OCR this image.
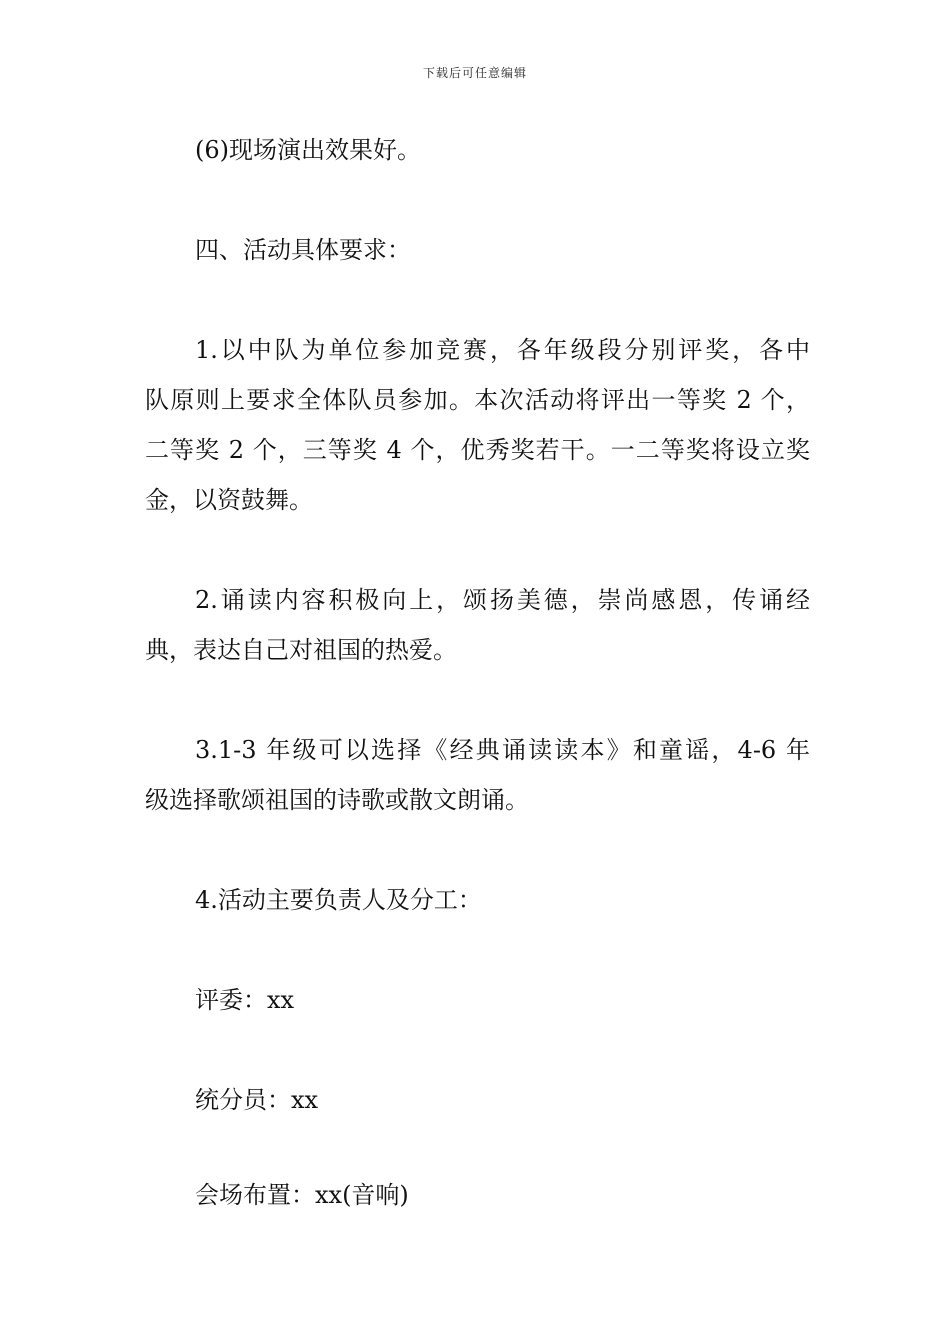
下载后可任意编辑
(6)现场演出效果好。
四、活动具体要求：
1.以中队为单位参加竞赛，各年级段分别评奖，各中
队原则上要求全体队员参加。本次活动将评出一等奖 2 个，
二等奖 2 个，三等奖 4 个，优秀奖若干。一二等奖将设立奖
金，以资鼓舞。
2.诵读内容积极向上，颂扬美德，崇尚感恩，传诵经
典，表达自己对祖国的热爱。
3.1-3 年级可以选择《经典诵读读本》和童谣，4-6 年
级选择歌颂祖国的诗歌或散文朗诵。
4.活动主要负责人及分工：
评委：xx
统分员：xx
会场布置：xx(音响)
